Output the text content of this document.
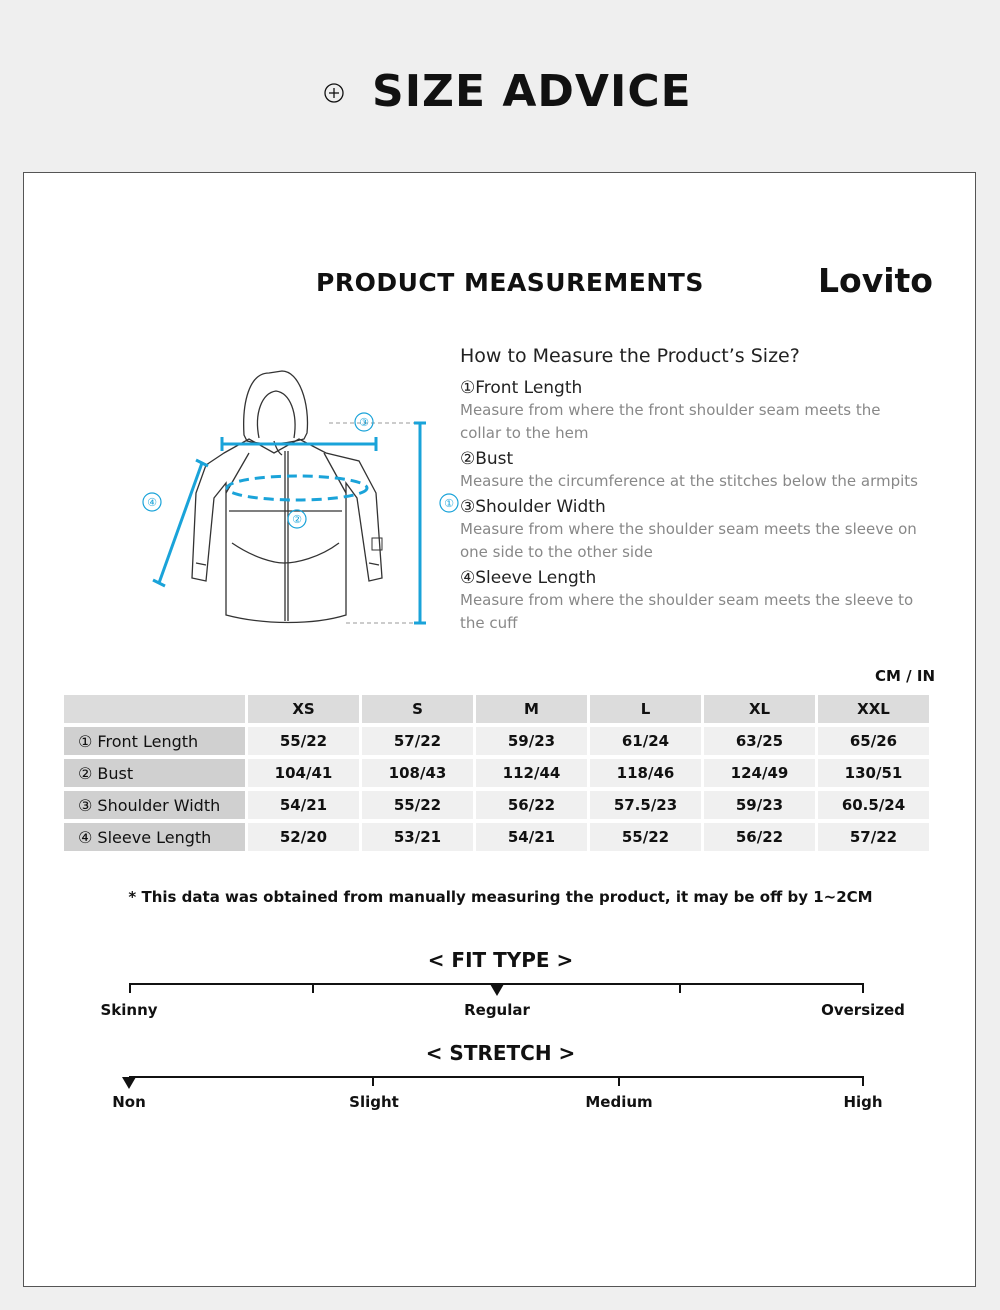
SIZE ADVICE
PRODUCT MEASUREMENTS	Lovito
③
②
①
④
How to Measure the Product’s Size?
①Front Length

Measure from where the front shoulder seam meets the collar to the hem

②Bust

Measure the circumference at the stitches below the armpits

③Shoulder Width

Measure from where the shoulder seam meets the sleeve on one side to the other side

④Sleeve Length

Measure from where the shoulder seam meets the sleeve to the cuff

CM / IN
	XS	S	M	L	XL	XXL
① Front Length	55/22	57/22	59/23	61/24	63/25	65/26
② Bust	104/41	108/43	112/44	118/46	124/49	130/51
③ Shoulder Width	54/21	55/22	56/22	57.5/23	59/23	60.5/24
④ Sleeve Length	52/20	53/21	54/21	55/22	56/22	57/22
* This data was obtained from manually measuring the product, it may be off by 1~2CM
< FIT TYPE >
Skinny	Regular	Oversized
< STRETCH >
Non	Slight	Medium	High
